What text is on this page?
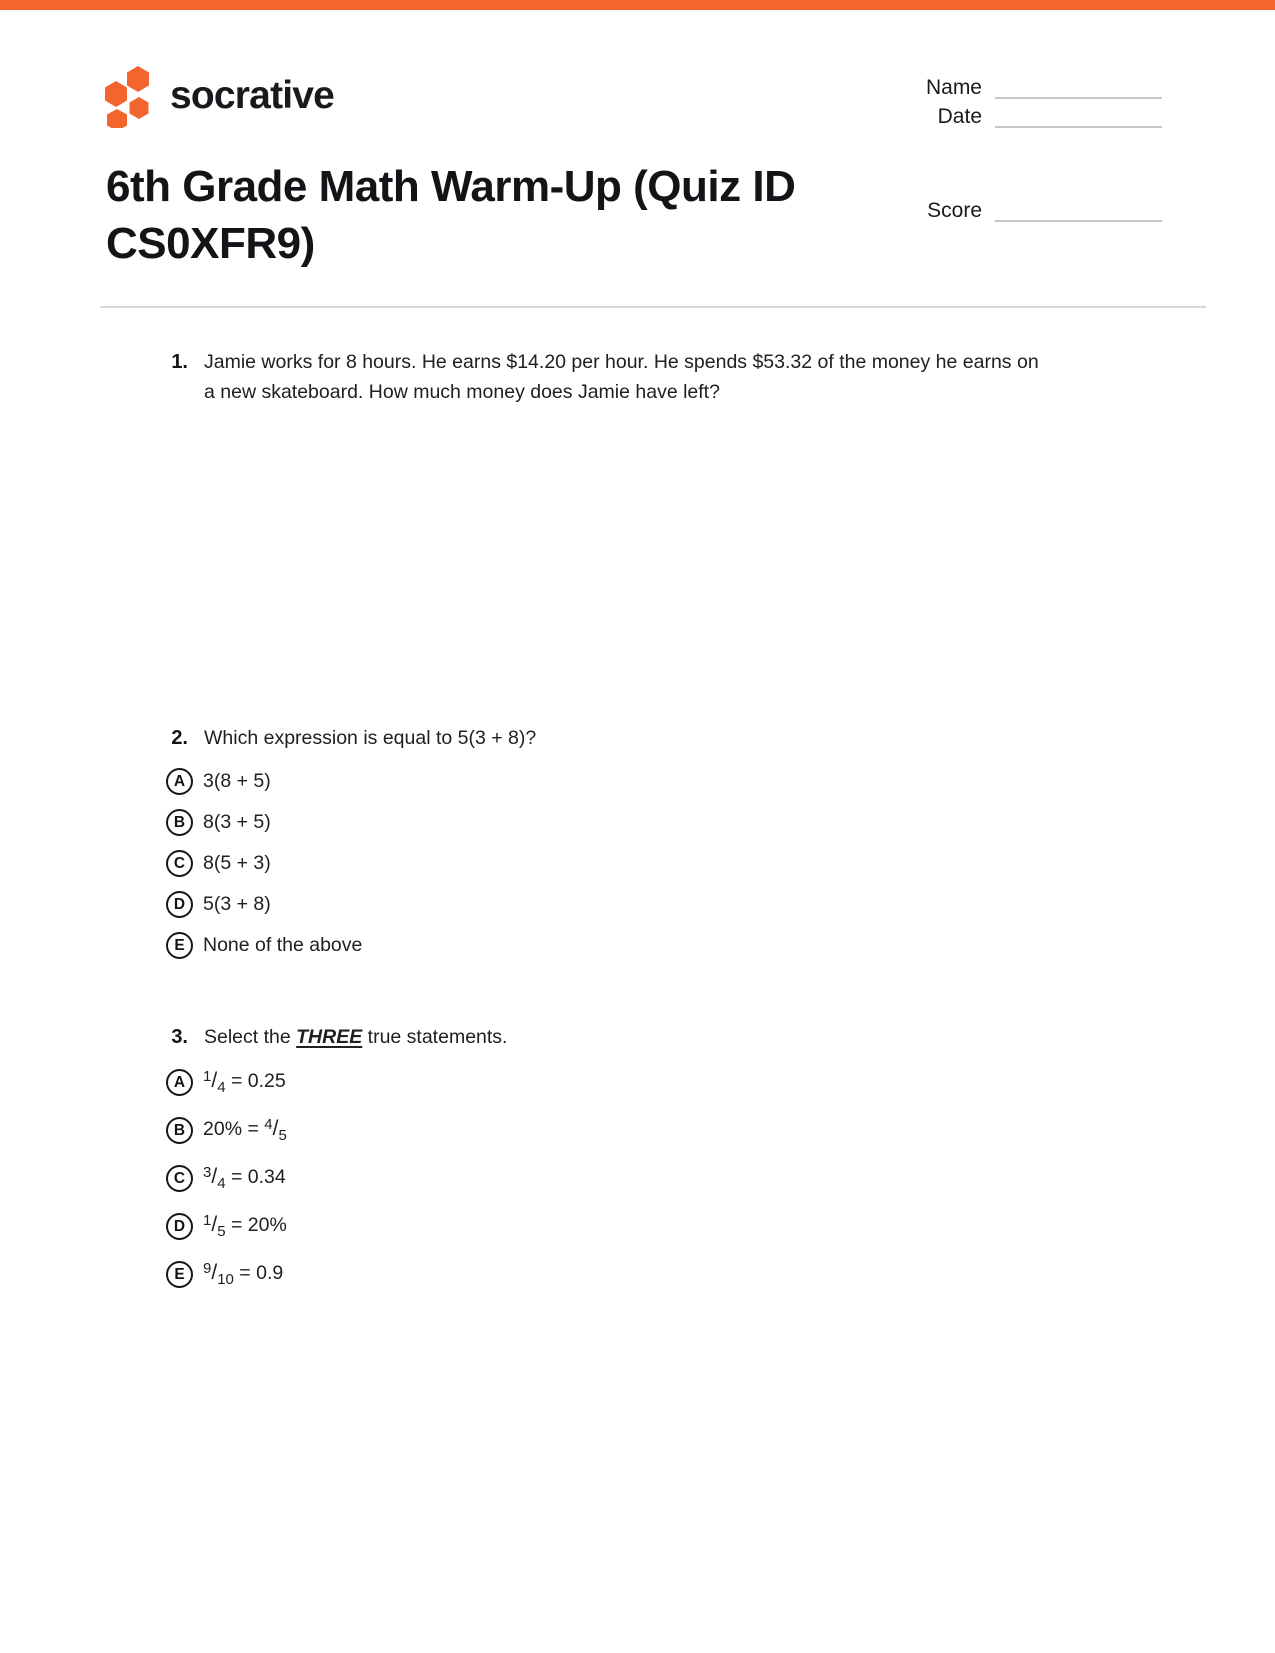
socrative	Name
Date
6th Grade Math Warm-Up (Quiz ID CS0XFR9)
Score
1. Jamie works for 8 hours. He earns $14.20 per hour. He spends $53.32 of the money he earns on a new skateboard. How much money does Jamie have left?
2. Which expression is equal to 5(3 + 8)?
A 3(8 + 5)
B 8(3 + 5)
C 8(5 + 3)
D 5(3 + 8)
E None of the above
3. Select the THREE true statements.
A	$^1/_4 = 0.25$
B $20\% = ^4/_5$
C	$^3/_4 = 0.34$
D	$^1/_5 = 20\%$
E	$^9/_{10} = 0.9$
